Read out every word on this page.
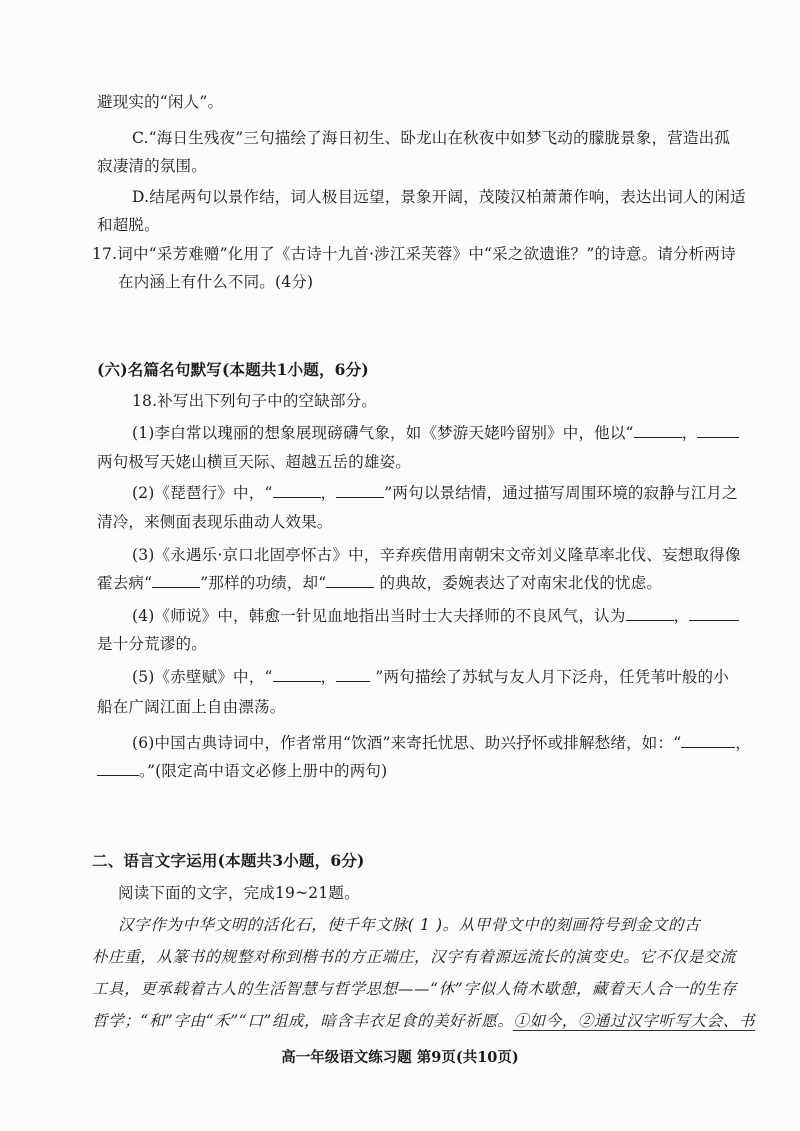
避现实的“闲人”。
C.“海日生残夜”三句描绘了海日初生、卧龙山在秋夜中如梦飞动的朦胧景象，营造出孤
寂凄清的氛围。
D.结尾两句以景作结，词人极目远望，景象开阔，茂陵汉柏萧萧作响，表达出词人的闲适
和超脱。
17.词中“采芳难赠”化用了《古诗十九首·涉江采芙蓉》中“采之欲遗谁？”的诗意。请分析两诗
在内涵上有什么不同。(4分)
(六)名篇名句默写(本题共1小题，6分)
18.补写出下列句子中的空缺部分。
(1)李白常以瑰丽的想象展现磅礴气象，如《梦游天姥吟留别》中，他以“	，
两句极写天姥山横亘天际、超越五岳的雄姿。
(2)《琵琶行》中，“	，	”两句以景结情，通过描写周围环境的寂静与江月之
清冷，来侧面表现乐曲动人效果。
(3)《永遇乐·京口北固亭怀古》中，辛弃疾借用南朝宋文帝刘义隆草率北伐、妄想取得像
霍去病“	”那样的功绩，却“	的典故，委婉表达了对南宋北伐的忧虑。
(4)《师说》中，韩愈一针见血地指出当时士大夫择师的不良风气，认为	，
是十分荒谬的。
(5)《赤壁赋》中，“	， ”两句描绘了苏轼与友人月下泛舟，任凭苇叶般的小
船在广阔江面上自由漂荡。
(6)中国古典诗词中，作者常用“饮酒”来寄托忧思、助兴抒怀或排解愁绪，如：“	，
。”(限定高中语文必修上册中的两句)
二、语言文字运用(本题共3小题，6分)
阅读下面的文字，完成19~21题。
汉字作为中华文明的活化石，使千年文脉( 1 )。从甲骨文中的刻画符号到金文的古
朴庄重，从篆书的规整对称到楷书的方正端庄，汉字有着源远流长的演变史。它不仅是交流
工具，更承载着古人的生活智慧与哲学思想——“休”字似人倚木歇憩，藏着天人合一的生存
哲学；“和”字由“禾”“口”组成，暗含丰衣足食的美好祈愿。①如今，②通过汉字听写大会、书
高一年级语文练习题 第9页(共10页)
